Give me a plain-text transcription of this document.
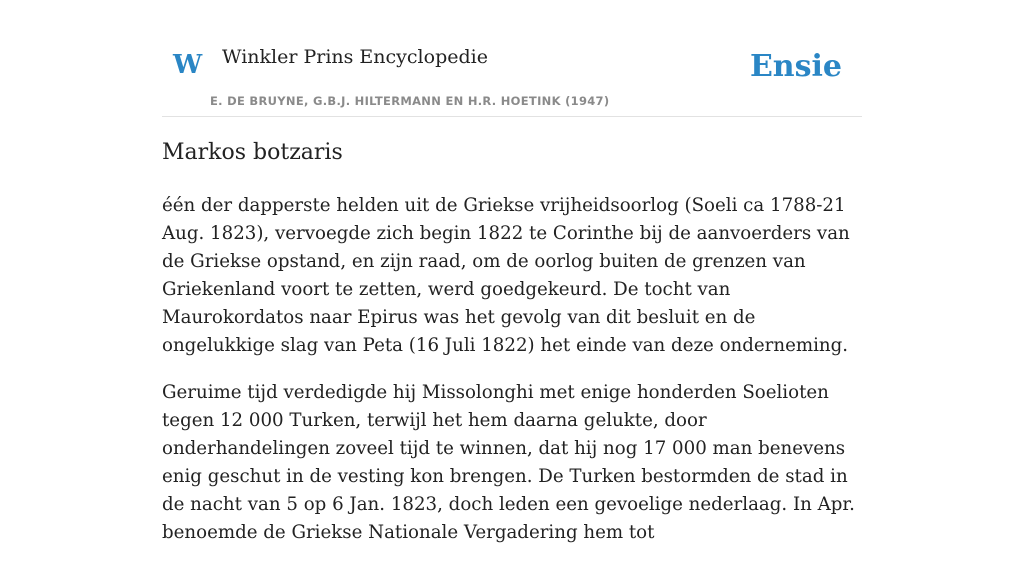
W Winkler Prins Encyclopedie
E. DE BRUYNE, G.B.J. HILTERMANN EN H.R. HOETINK (1947)
Ensie
Markos botzaris

één der dapperste helden uit de Griekse vrijheidsoorlog (Soeli ca 1788-21 Aug. 1823), vervoegde zich begin 1822 te Corinthe bij de aanvoerders van de Griekse opstand, en zijn raad, om de oorlog buiten de grenzen van Griekenland voort te zetten, werd goedgekeurd. De tocht van Maurokordatos naar Epirus was het gevolg van dit besluit en de ongelukkige slag van Peta (16 Juli 1822) het einde van deze onderneming.

Geruime tijd verdedigde hij Missolonghi met enige honderden Soelioten tegen 12 000 Turken, terwijl het hem daarna gelukte, door onderhandelingen zoveel tijd te winnen, dat hij nog 17 000 man benevens enig geschut in de vesting kon brengen. De Turken bestormden de stad in de nacht van 5 op 6 Jan. 1823, doch leden een gevoelige nederlaag. In Apr. benoemde de Griekse Nationale Vergadering hem tot
